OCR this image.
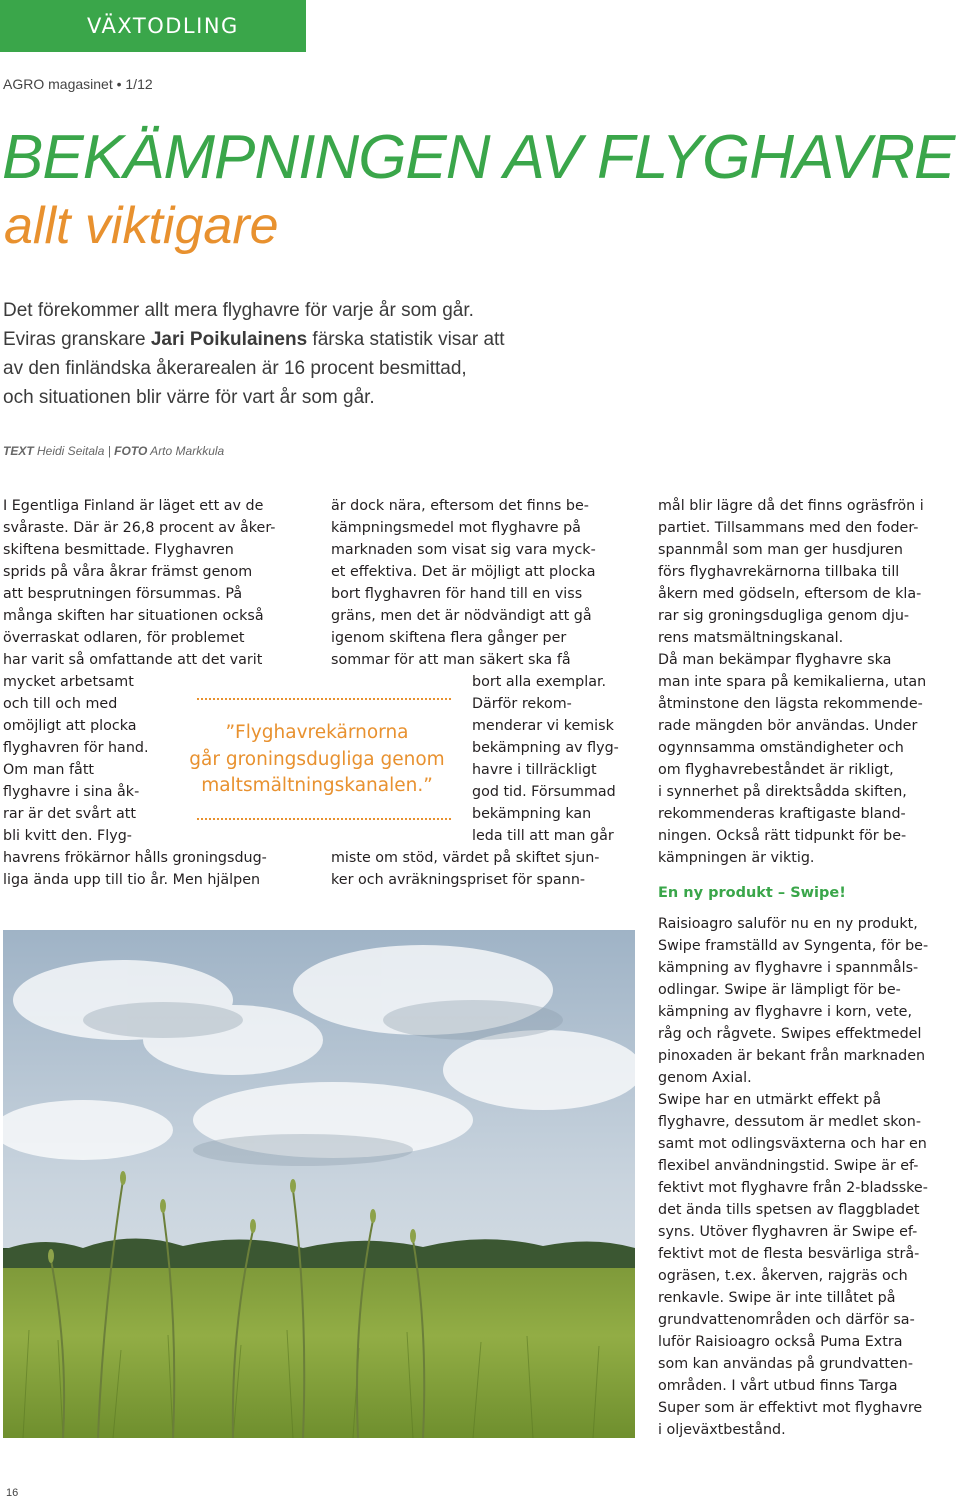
VÄXTODLING
AGRO magasinet • 1/12
BEKÄMPNINGEN AV FLYGHAVRE
allt viktigare
Det förekommer allt mera flyghavre för varje år som går.
Eviras granskare Jari Poikulainens färska statistik visar att
av den finländska åkerarealen är 16 procent besmittad,
och situationen blir värre för vart år som går.
TEXT Heidi Seitala | FOTO Arto Markkula
I Egentliga Finland är läget ett av de
svåraste. Där är 26,8 procent av åker-
skiftena besmittade. Flyghavren
sprids på våra åkrar främst genom
att besprutningen försummas. På
många skiften har situationen också
överraskat odlaren, för problemet
har varit så omfattande att det varit
mycket arbetsamt
och till och med
omöjligt att plocka
flyghavren för hand.
Om man fått
flyghavre i sina åk-
rar är det svårt att
bli kvitt den. Flyg-
havrens frökärnor hålls groningsdug-
liga ända upp till tio år. Men hjälpen
är dock nära, eftersom det finns be-
kämpningsmedel mot flyghavre på
marknaden som visat sig vara myck-
et effektiva. Det är möjligt att plocka
bort flyghavren för hand till en viss
gräns, men det är nödvändigt att gå
igenom skiftena flera gånger per
sommar för att man säkert ska få
bort alla exemplar.
Därför rekom-
menderar vi kemisk
bekämpning av flyg-
havre i tillräckligt
god tid. Försummad
bekämpning kan
leda till att man går
miste om stöd, värdet på skiftet sjun-
ker och avräkningspriset för spann-
”Flyghavrekärnorna
går groningsdugliga genom
maltsmältningskanalen.”
mål blir lägre då det finns ogräsfrön i
partiet. Tillsammans med den foder-
spannmål som man ger husdjuren
förs flyghavrekärnorna tillbaka till
åkern med gödseln, eftersom de kla-
rar sig groningsdugliga genom dju-
rens matsmältningskanal.
Då man bekämpar flyghavre ska
man inte spara på kemikalierna, utan
åtminstone den lägsta rekommende-
rade mängden bör användas. Under
ogynnsamma omständigheter och
om flyghavrebeståndet är rikligt,
i synnerhet på direktsådda skiften,
rekommenderas kraftigaste bland-
ningen. Också rätt tidpunkt för be-
kämpningen är viktig.
En ny produkt – Swipe!
Raisioagro saluför nu en ny produkt,
Swipe framställd av Syngenta, för be-
kämpning av flyghavre i spannmåls-
odlingar. Swipe är lämpligt för be-
kämpning av flyghavre i korn, vete,
råg och rågvete. Swipes effektmedel
pinoxaden är bekant från marknaden
genom Axial.
Swipe har en utmärkt effekt på
flyghavre, dessutom är medlet skon-
samt mot odlingsväxterna och har en
flexibel användningstid. Swipe är ef-
fektivt mot flyghavre från 2-bladsske-
det ända tills spetsen av flaggbladet
syns. Utöver flyghavren är Swipe ef-
fektivt mot de flesta besvärliga strå-
ogräsen, t.ex. åkerven, rajgräs och
renkavle. Swipe är inte tillåtet på
grundvattenområden och därför sa-
luför Raisioagro också Puma Extra
som kan användas på grundvatten-
områden. I vårt utbud finns Targa
Super som är effektivt mot flyghavre
i oljeväxtbestånd.
16
